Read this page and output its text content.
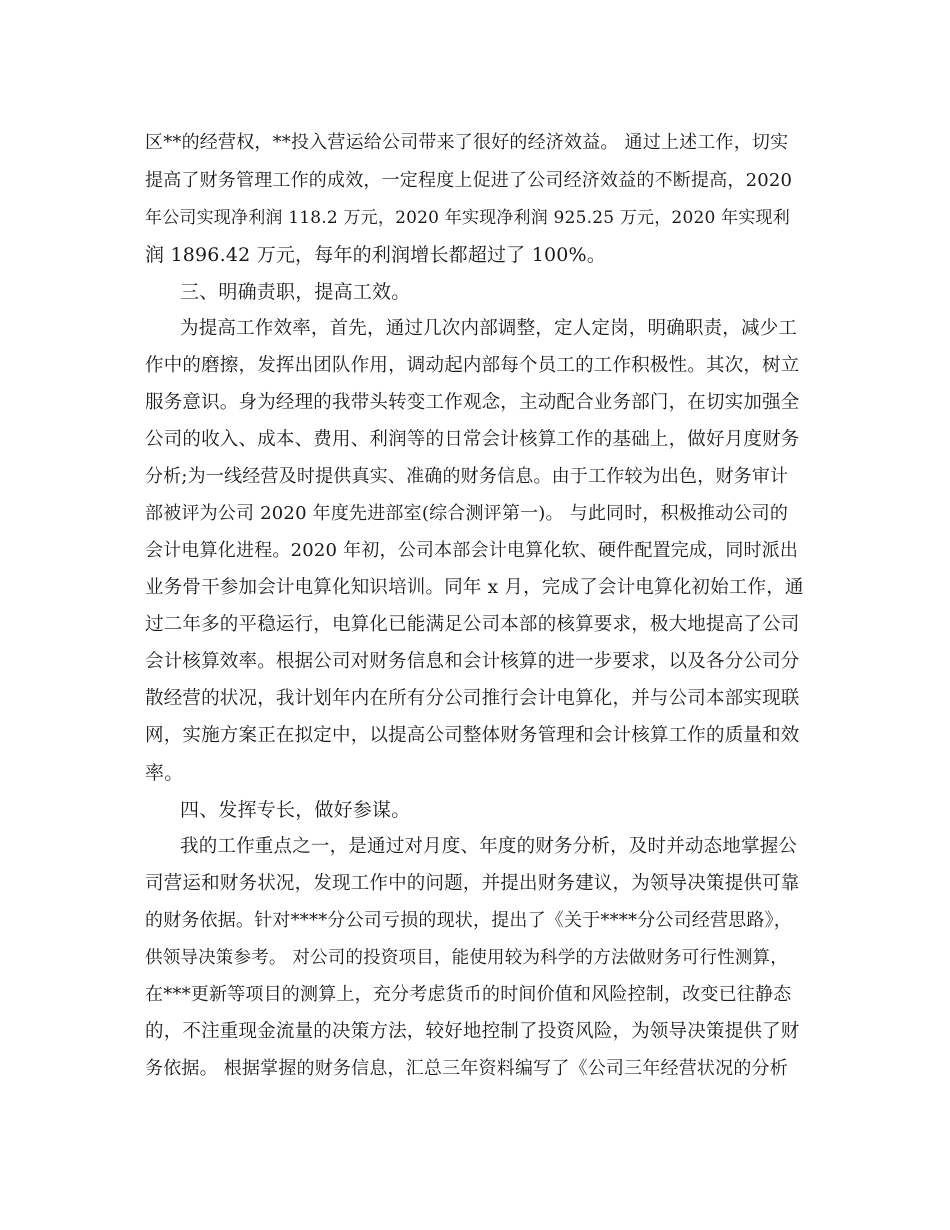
区**的经营权，**投入营运给公司带来了很好的经济效益。 通过上述工作，切实
提高了财务管理工作的成效，一定程度上促进了公司经济效益的不断提高，2020
年公司实现净利润 118.2 万元，2020 年实现净利润 925.25 万元，2020 年实现利
润 1896.42 万元，每年的利润增长都超过了 100%。
三、明确责职，提高工效。
为提高工作效率，首先，通过几次内部调整，定人定岗，明确职责，减少工
作中的磨擦，发挥出团队作用，调动起内部每个员工的工作积极性。其次，树立
服务意识。身为经理的我带头转变工作观念，主动配合业务部门，在切实加强全
公司的收入、成本、费用、利润等的日常会计核算工作的基础上，做好月度财务
分析;为一线经营及时提供真实、准确的财务信息。由于工作较为出色，财务审计
部被评为公司 2020 年度先进部室(综合测评第一)。 与此同时，积极推动公司的
会计电算化进程。2020 年初，公司本部会计电算化软、硬件配置完成，同时派出
业务骨干参加会计电算化知识培训。同年 x 月，完成了会计电算化初始工作，通
过二年多的平稳运行，电算化已能满足公司本部的核算要求，极大地提高了公司
会计核算效率。根据公司对财务信息和会计核算的进一步要求，以及各分公司分
散经营的状况，我计划年内在所有分公司推行会计电算化，并与公司本部实现联
网，实施方案正在拟定中，以提高公司整体财务管理和会计核算工作的质量和效
率。
四、发挥专长，做好参谋。
我的工作重点之一，是通过对月度、年度的财务分析，及时并动态地掌握公
司营运和财务状况，发现工作中的问题，并提出财务建议，为领导决策提供可靠
的财务依据。针对****分公司亏损的现状，提出了《关于****分公司经营思路》，
供领导决策参考。 对公司的投资项目，能使用较为科学的方法做财务可行性测算，
在***更新等项目的测算上，充分考虑货币的时间价值和风险控制，改变已往静态
的，不注重现金流量的决策方法，较好地控制了投资风险，为领导决策提供了财
务依据。 根据掌握的财务信息，汇总三年资料编写了《公司三年经营状况的分析
